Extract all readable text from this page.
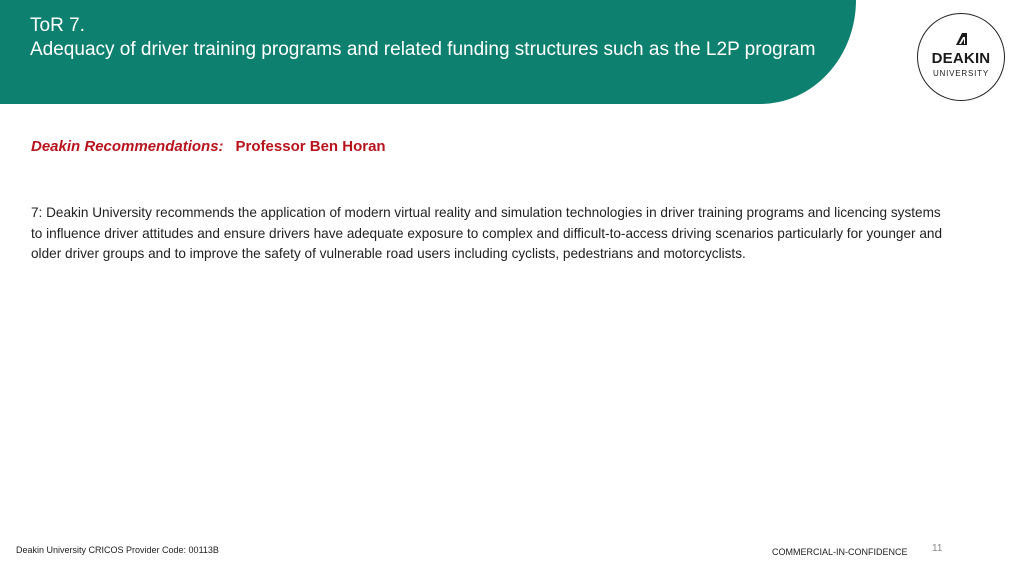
ToR 7.
Adequacy of driver training programs and related funding structures such as the L2P program	DEAKIN
UNIVERSITY
Deakin Recommendations: Professor Ben Horan
7: Deakin University recommends the application of modern virtual reality and simulation technologies in driver training programs and licencing systems to influence driver attitudes and ensure drivers have adequate exposure to complex and difficult-to-access driving scenarios particularly for younger and older driver groups and to improve the safety of vulnerable road users including cyclists, pedestrians and motorcyclists.
Deakin University CRICOS Provider Code: 00113B	COMMERCIAL-IN-CONFIDENCE 11
